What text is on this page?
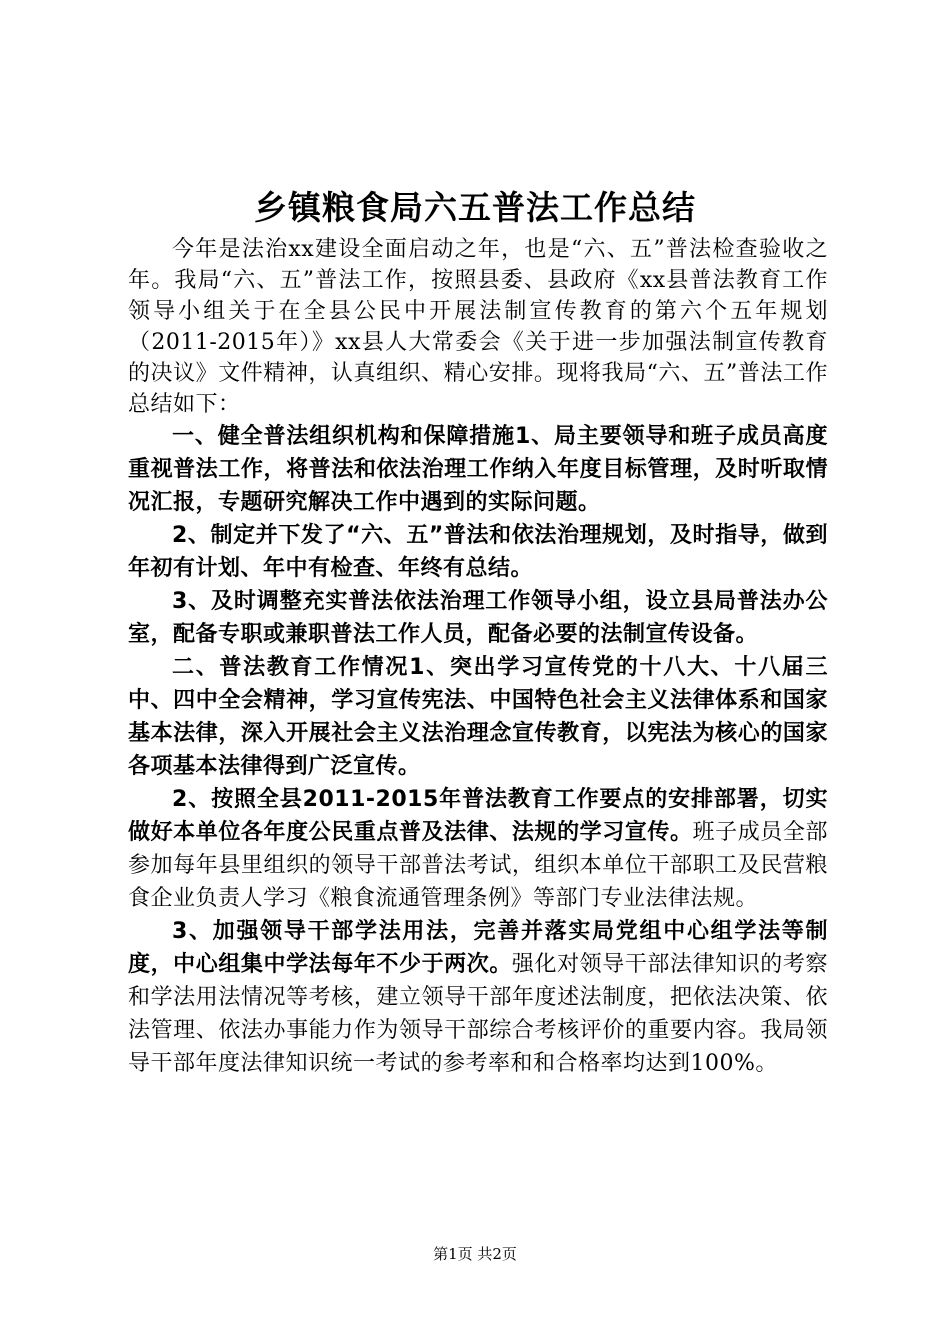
乡镇粮食局六五普法工作总结

今年是法治xx建设全面启动之年，也是“六、五”普法检查验收之年。我局“六、五”普法工作，按照县委、县政府《xx县普法教育工作领导小组关于在全县公民中开展法制宣传教育的第六个五年规划（2011-2015年）》xx县人大常委会《关于进一步加强法制宣传教育的决议》文件精神，认真组织、精心安排。现将我局“六、五”普法工作总结如下：

一、健全普法组织机构和保障措施1、局主要领导和班子成员高度重视普法工作，将普法和依法治理工作纳入年度目标管理，及时听取情况汇报，专题研究解决工作中遇到的实际问题。

2、制定并下发了“六、五”普法和依法治理规划，及时指导，做到年初有计划、年中有检查、年终有总结。

3、及时调整充实普法依法治理工作领导小组，设立县局普法办公室，配备专职或兼职普法工作人员，配备必要的法制宣传设备。

二、普法教育工作情况1、突出学习宣传党的十八大、十八届三中、四中全会精神，学习宣传宪法、中国特色社会主义法律体系和国家基本法律，深入开展社会主义法治理念宣传教育，以宪法为核心的国家各项基本法律得到广泛宣传。

2、按照全县2011-2015年普法教育工作要点的安排部署，切实做好本单位各年度公民重点普及法律、法规的学习宣传。班子成员全部参加每年县里组织的领导干部普法考试，组织本单位干部职工及民营粮食企业负责人学习《粮食流通管理条例》等部门专业法律法规。

3、加强领导干部学法用法，完善并落实局党组中心组学法等制度，中心组集中学法每年不少于两次。强化对领导干部法律知识的考察和学法用法情况等考核，建立领导干部年度述法制度，把依法决策、依法管理、依法办事能力作为领导干部综合考核评价的重要内容。我局领导干部年度法律知识统一考试的参考率和和合格率均达到100%。

第1页 共2页
